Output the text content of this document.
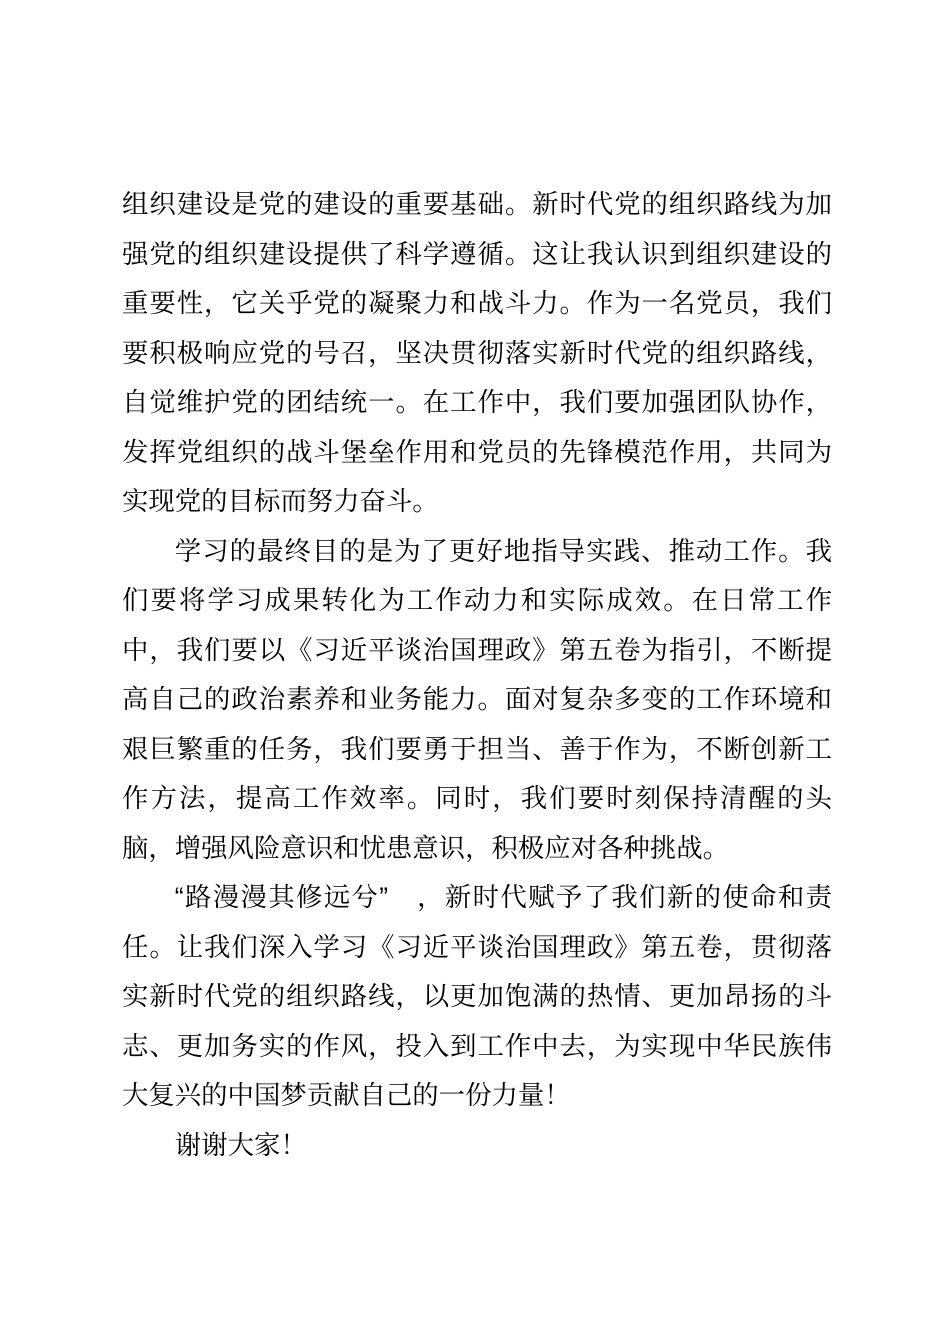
组织建设是党的建设的重要基础。新时代党的组织路线为加强党的组织建设提供了科学遵循。这让我认识到组织建设的重要性，它关乎党的凝聚力和战斗力。作为一名党员，我们要积极响应党的号召，坚决贯彻落实新时代党的组织路线，自觉维护党的团结统一。在工作中，我们要加强团队协作，发挥党组织的战斗堡垒作用和党员的先锋模范作用，共同为实现党的目标而努力奋斗。

学习的最终目的是为了更好地指导实践、推动工作。我们要将学习成果转化为工作动力和实际成效。在日常工作中，我们要以《习近平谈治国理政》第五卷为指引，不断提高自己的政治素养和业务能力。面对复杂多变的工作环境和艰巨繁重的任务，我们要勇于担当、善于作为，不断创新工作方法，提高工作效率。同时，我们要时刻保持清醒的头脑，增强风险意识和忧患意识，积极应对各种挑战。

“路漫漫其修远兮”　，新时代赋予了我们新的使命和责任。让我们深入学习《习近平谈治国理政》第五卷，贯彻落实新时代党的组织路线，以更加饱满的热情、更加昂扬的斗志、更加务实的作风，投入到工作中去，为实现中华民族伟大复兴的中国梦贡献自己的一份力量！

谢谢大家！
